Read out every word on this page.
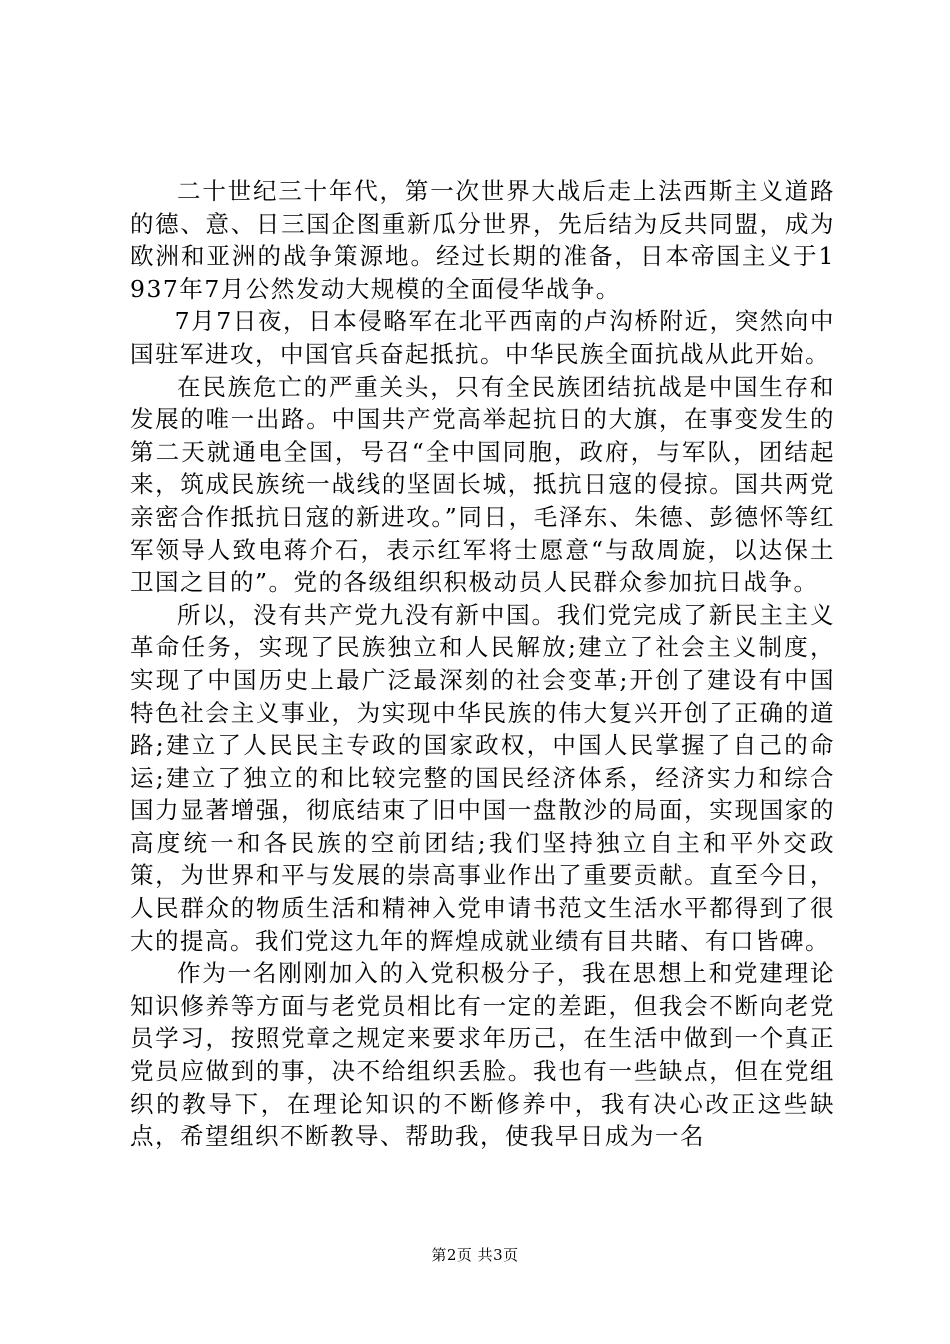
二十世纪三十年代，第一次世界大战后走上法西斯主义道路的德、意、日三国企图重新瓜分世界，先后结为反共同盟，成为欧洲和亚洲的战争策源地。经过长期的准备，日本帝国主义于1937年7月公然发动大规模的全面侵华战争。

7月7日夜，日本侵略军在北平西南的卢沟桥附近，突然向中国驻军进攻，中国官兵奋起抵抗。中华民族全面抗战从此开始。

在民族危亡的严重关头，只有全民族团结抗战是中国生存和发展的唯一出路。中国共产党高举起抗日的大旗，在事变发生的第二天就通电全国，号召“全中国同胞，政府，与军队，团结起来，筑成民族统一战线的坚固长城，抵抗日寇的侵掠。国共两党亲密合作抵抗日寇的新进攻。”同日，毛泽东、朱德、彭德怀等红军领导人致电蒋介石，表示红军将士愿意“与敌周旋，以达保土卫国之目的”。党的各级组织积极动员人民群众参加抗日战争。

所以，没有共产党九没有新中国。我们党完成了新民主主义革命任务，实现了民族独立和人民解放;建立了社会主义制度，实现了中国历史上最广泛最深刻的社会变革;开创了建设有中国特色社会主义事业，为实现中华民族的伟大复兴开创了正确的道路;建立了人民民主专政的国家政权，中国人民掌握了自己的命运;建立了独立的和比较完整的国民经济体系，经济实力和综合国力显著增强，彻底结束了旧中国一盘散沙的局面，实现国家的高度统一和各民族的空前团结;我们坚持独立自主和平外交政策，为世界和平与发展的崇高事业作出了重要贡献。直至今日，人民群众的物质生活和精神入党申请书范文生活水平都得到了很大的提高。我们党这九年的辉煌成就业绩有目共睹、有口皆碑。

作为一名刚刚加入的入党积极分子，我在思想上和党建理论知识修养等方面与老党员相比有一定的差距，但我会不断向老党员学习，按照党章之规定来要求年历己，在生活中做到一个真正党员应做到的事，决不给组织丢脸。我也有一些缺点，但在党组织的教导下，在理论知识的不断修养中，我有决心改正这些缺点，希望组织不断教导、帮助我，使我早日成为一名

第2页 共3页
